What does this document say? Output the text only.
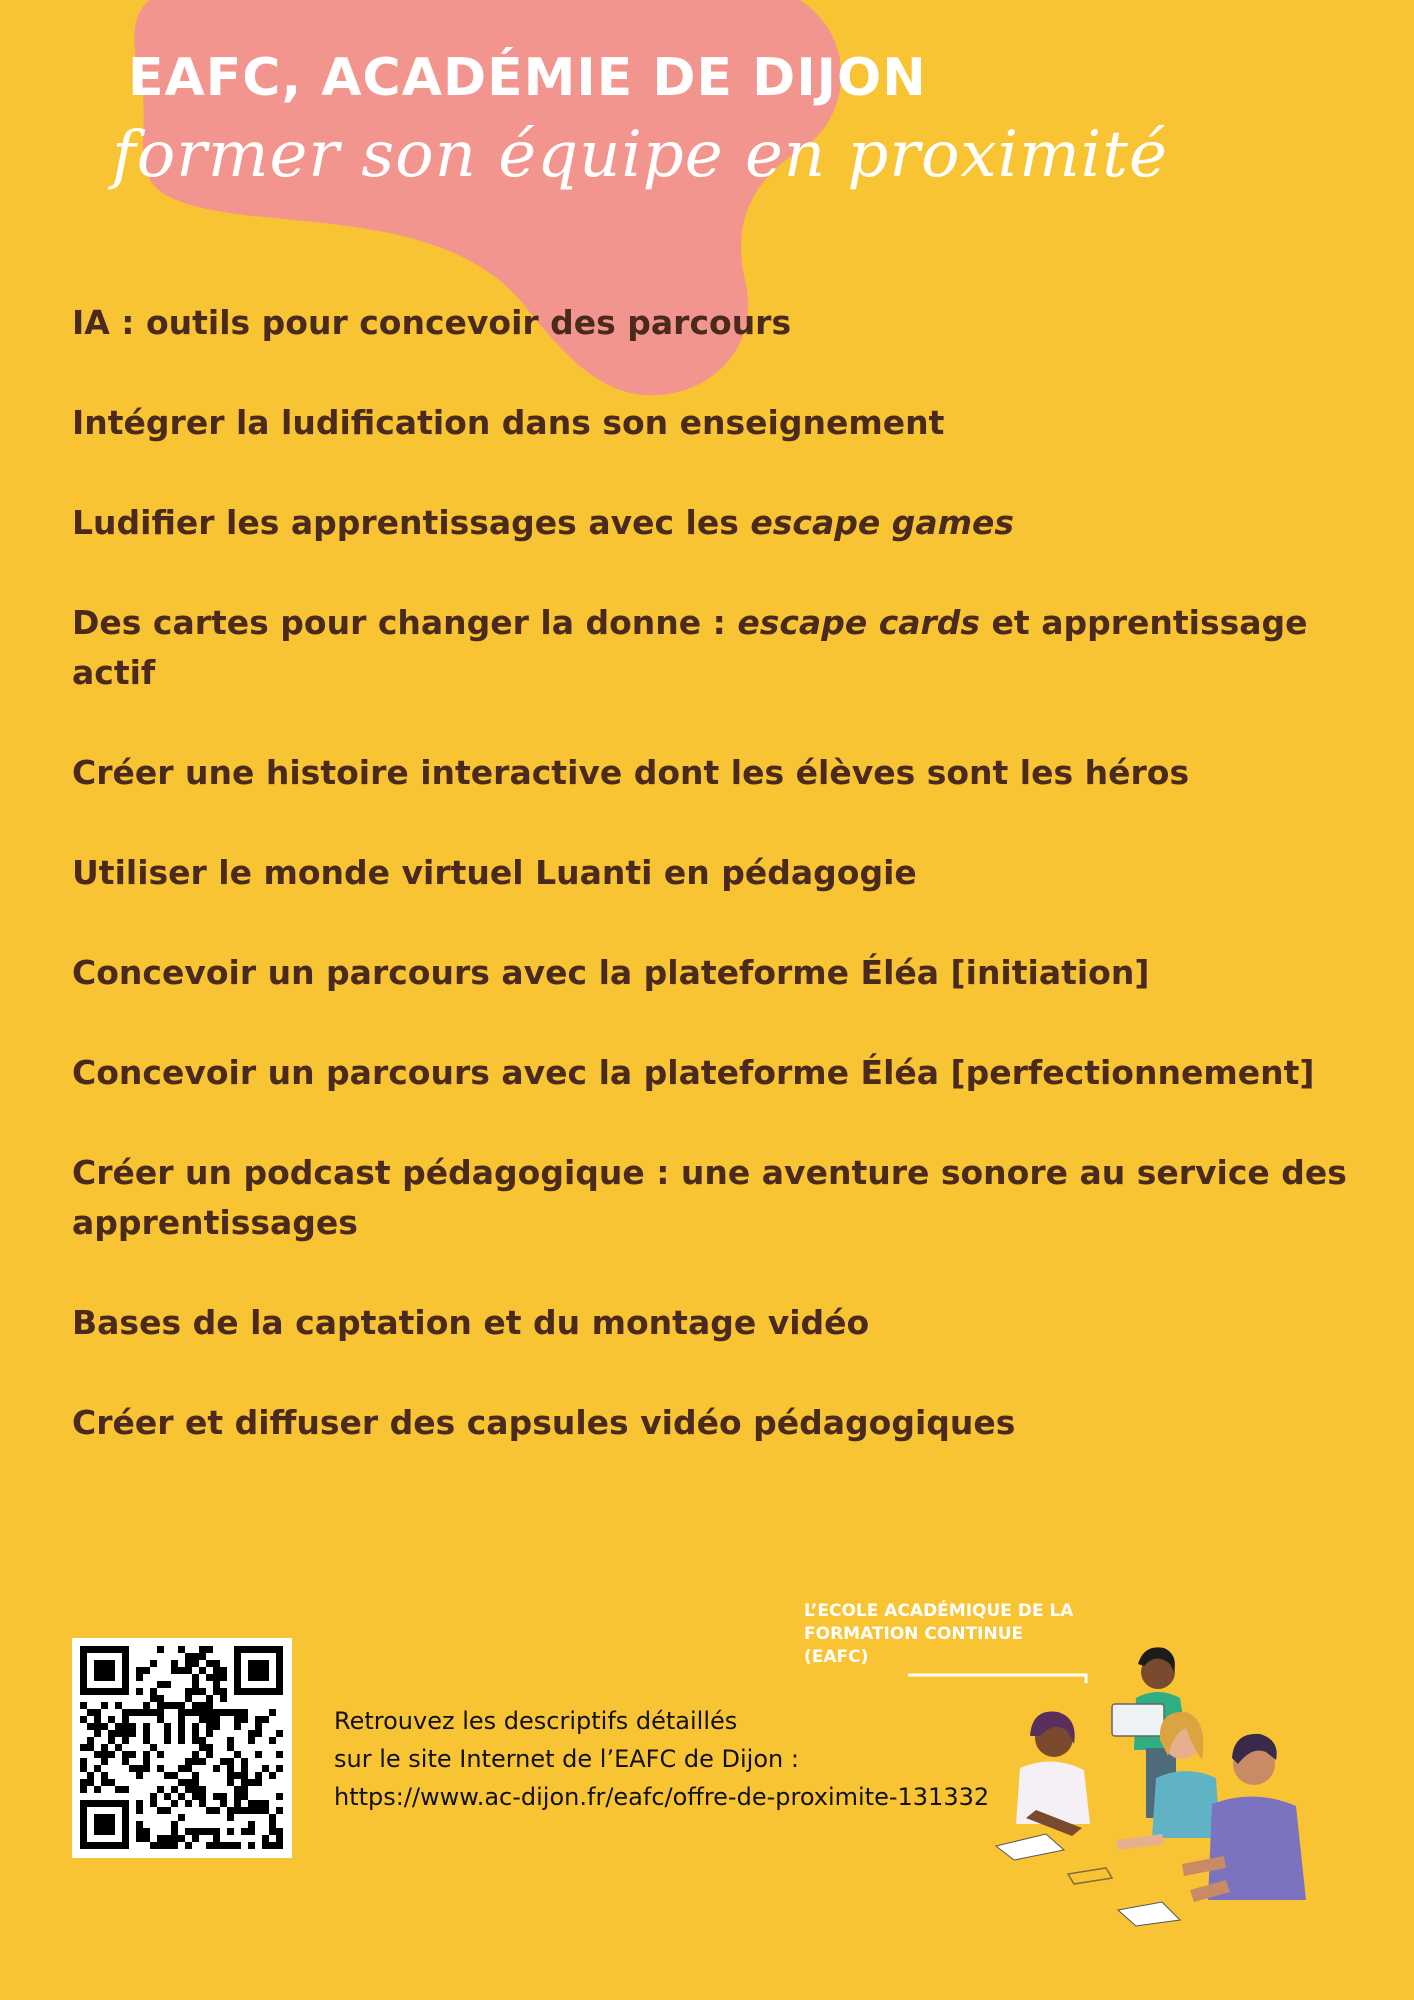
EAFC, ACADÉMIE DE DIJON

former son équipe en proximité

IA : outils pour concevoir des parcours
Intégrer la ludification dans son enseignement
Ludifier les apprentissages avec les escape games
Des cartes pour changer la donne : escape cards et apprentissage actif
Créer une histoire interactive dont les élèves sont les héros
Utiliser le monde virtuel Luanti en pédagogie
Concevoir un parcours avec la plateforme Éléa [initiation]
Concevoir un parcours avec la plateforme Éléa [perfectionnement]
Créer un podcast pédagogique : une aventure sonore au service des apprentissages
Bases de la captation et du montage vidéo
Créer et diffuser des capsules vidéo pédagogiques
Retrouvez les descriptifs détaillés
sur le site Internet de l’EAFC de Dijon :
https://www.ac-dijon.fr/eafc/offre-de-proximite-131332
L’ECOLE ACADÉMIQUE DE LA
FORMATION CONTINUE
(EAFC)
